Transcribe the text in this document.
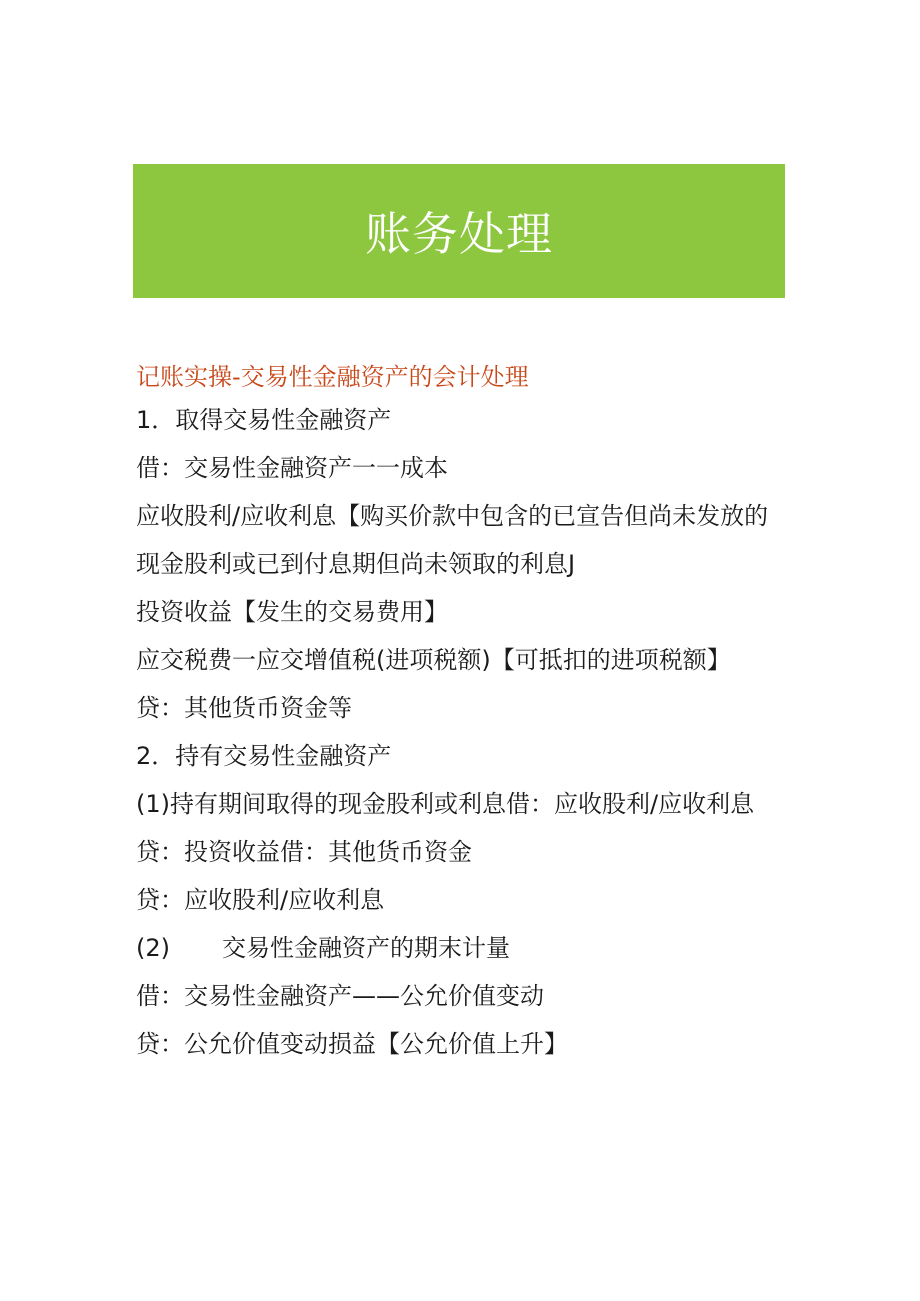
账务处理

记账实操-交易性金融资产的会计处理

1．取得交易性金融资产

借：交易性金融资产一一成本

应收股利/应收利息【购买价款中包含的已宣告但尚未发放的现金股利或已到付息期但尚未领取的利息J

投资收益【发生的交易费用】

应交税费一应交增值税(进项税额)【可抵扣的进项税额】

贷：其他货币资金等

2．持有交易性金融资产

(1)持有期间取得的现金股利或利息借：应收股利/应收利息

贷：投资收益借：其他货币资金

贷：应收股利/应收利息

(2) 交易性金融资产的期末计量

借：交易性金融资产——公允价值变动

贷：公允价值变动损益【公允价值上升】
